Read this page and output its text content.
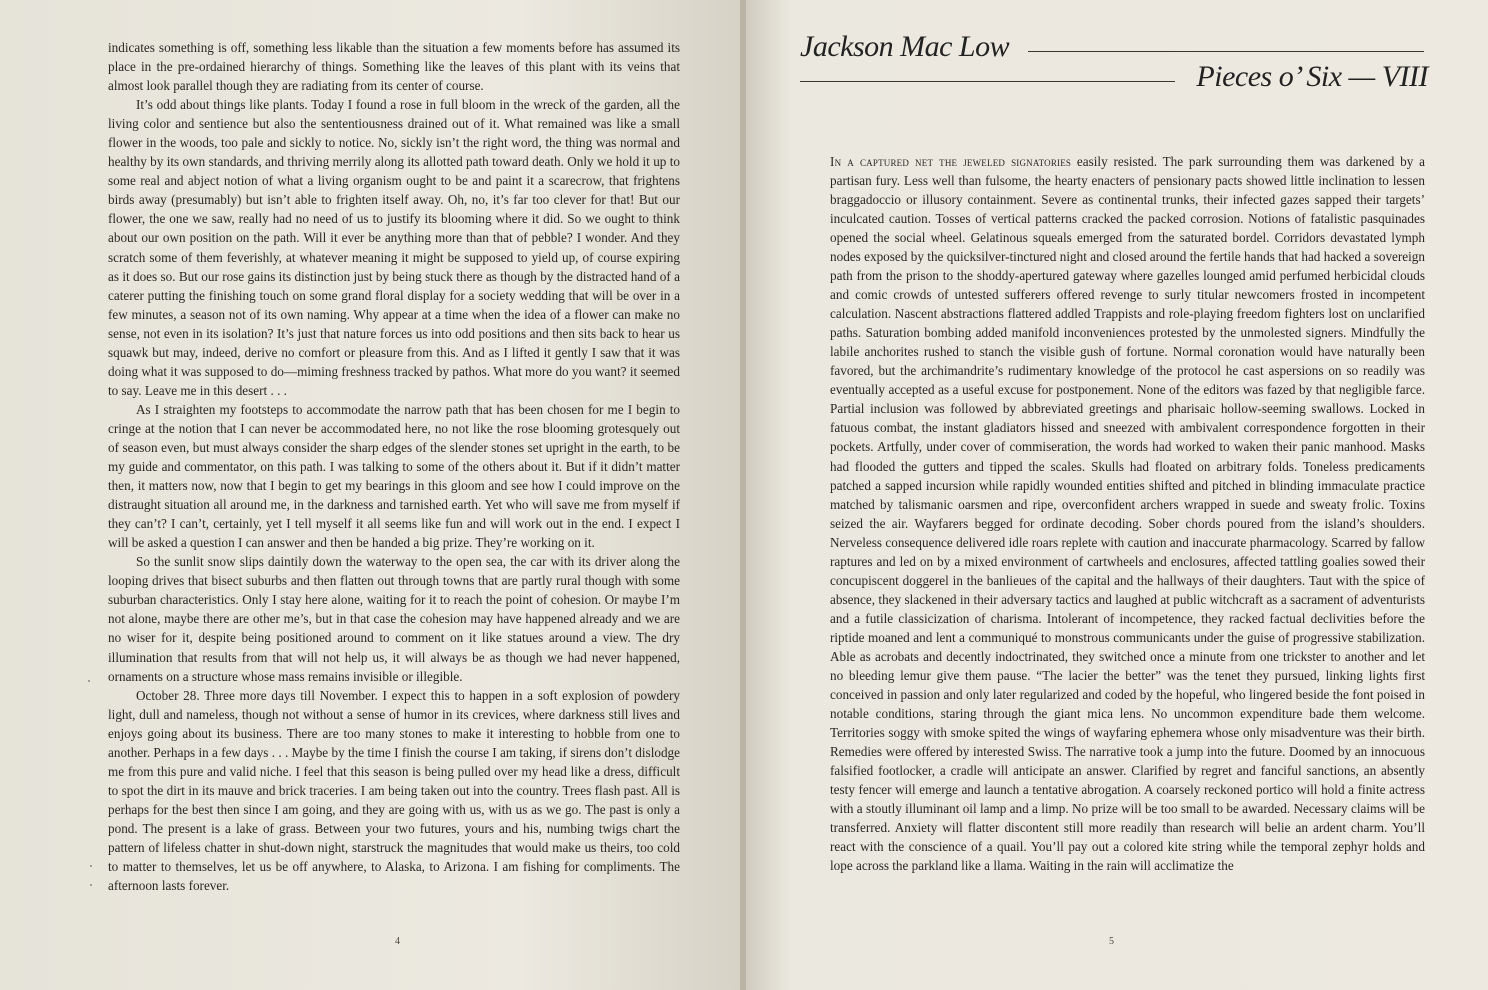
indicates something is off, something less likable than the situation a few moments before has assumed its place in the pre-ordained hierarchy of things. Something like the leaves of this plant with its veins that almost look parallel though they are radiating from its center of course.

It’s odd about things like plants. Today I found a rose in full bloom in the wreck of the garden, all the living color and sentience but also the sententiousness drained out of it. What remained was like a small flower in the woods, too pale and sickly to notice. No, sickly isn’t the right word, the thing was normal and healthy by its own standards, and thriving merrily along its allotted path toward death. Only we hold it up to some real and abject notion of what a living organism ought to be and paint it a scarecrow, that frightens birds away (presumably) but isn’t able to frighten itself away. Oh, no, it’s far too clever for that! But our flower, the one we saw, really had no need of us to justify its blooming where it did. So we ought to think about our own position on the path. Will it ever be anything more than that of pebble? I wonder. And they scratch some of them feverishly, at whatever meaning it might be supposed to yield up, of course expiring as it does so. But our rose gains its distinction just by being stuck there as though by the distracted hand of a caterer putting the finishing touch on some grand floral display for a society wedding that will be over in a few minutes, a season not of its own naming. Why appear at a time when the idea of a flower can make no sense, not even in its isolation? It’s just that nature forces us into odd positions and then sits back to hear us squawk but may, indeed, derive no comfort or pleasure from this. And as I lifted it gently I saw that it was doing what it was supposed to do—miming freshness tracked by pathos. What more do you want? it seemed to say. Leave me in this desert . . .

As I straighten my footsteps to accommodate the narrow path that has been chosen for me I begin to cringe at the notion that I can never be accommodated here, no not like the rose blooming grotesquely out of season even, but must always consider the sharp edges of the slender stones set upright in the earth, to be my guide and commentator, on this path. I was talking to some of the others about it. But if it didn’t matter then, it matters now, now that I begin to get my bearings in this gloom and see how I could improve on the distraught situation all around me, in the darkness and tarnished earth. Yet who will save me from myself if they can’t? I can’t, certainly, yet I tell myself it all seems like fun and will work out in the end. I expect I will be asked a question I can answer and then be handed a big prize. They’re working on it.

So the sunlit snow slips daintily down the waterway to the open sea, the car with its driver along the looping drives that bisect suburbs and then flatten out through towns that are partly rural though with some suburban characteristics. Only I stay here alone, waiting for it to reach the point of cohesion. Or maybe I’m not alone, maybe there are other me’s, but in that case the cohesion may have happened already and we are no wiser for it, despite being positioned around to comment on it like statues around a view. The dry illumination that results from that will not help us, it will always be as though we had never happened, ornaments on a structure whose mass remains invisible or illegible.

October 28. Three more days till November. I expect this to happen in a soft explosion of powdery light, dull and nameless, though not without a sense of humor in its crevices, where darkness still lives and enjoys going about its business. There are too many stones to make it interesting to hobble from one to another. Perhaps in a few days . . . Maybe by the time I finish the course I am taking, if sirens don’t dislodge me from this pure and valid niche. I feel that this season is being pulled over my head like a dress, difficult to spot the dirt in its mauve and brick traceries. I am being taken out into the country. Trees flash past. All is perhaps for the best then since I am going, and they are going with us, with us as we go. The past is only a pond. The present is a lake of grass. Between your two futures, yours and his, numbing twigs chart the pattern of lifeless chatter in shut-down night, starstruck the magnitudes that would make us theirs, too cold to matter to themselves, let us be off anywhere, to Alaska, to Arizona. I am fishing for compliments. The afternoon lasts forever.

4
Jackson Mac Low
Pieces o’ Six — VIII

In a captured net the jeweled signatories easily resisted. The park surrounding them was darkened by a partisan fury. Less well than fulsome, the hearty enacters of pensionary pacts showed little inclination to lessen braggadoccio or illusory containment. Severe as continental trunks, their infected gazes sapped their targets’ inculcated caution. Tosses of vertical patterns cracked the packed corrosion. Notions of fatalistic pasquinades opened the social wheel. Gelatinous squeals emerged from the saturated bordel. Corridors devastated lymph nodes exposed by the quicksilver-tinctured night and closed around the fertile hands that had hacked a sovereign path from the prison to the shoddy-apertured gateway where gazelles lounged amid perfumed herbicidal clouds and comic crowds of untested sufferers offered revenge to surly titular newcomers frosted in incompetent calculation. Nascent abstractions flattered addled Trappists and role-playing freedom fighters lost on unclarified paths. Saturation bombing added manifold inconveniences protested by the unmolested signers. Mindfully the labile anchorites rushed to stanch the visible gush of fortune. Normal coronation would have naturally been favored, but the archimandrite’s rudimentary knowledge of the protocol he cast aspersions on so readily was eventually accepted as a useful excuse for postponement. None of the editors was fazed by that negligible farce. Partial inclusion was followed by abbreviated greetings and pharisaic hollow-seeming swallows. Locked in fatuous combat, the instant gladiators hissed and sneezed with ambivalent correspondence forgotten in their pockets. Artfully, under cover of commiseration, the words had worked to waken their panic manhood. Masks had flooded the gutters and tipped the scales. Skulls had floated on arbitrary folds. Toneless predicaments patched a sapped incursion while rapidly wounded entities shifted and pitched in blinding immaculate practice matched by talismanic oarsmen and ripe, overconfident archers wrapped in suede and sweaty frolic. Toxins seized the air. Wayfarers begged for ordinate decoding. Sober chords poured from the island’s shoulders. Nerveless consequence delivered idle roars replete with caution and inaccurate pharmacology. Scarred by fallow raptures and led on by a mixed environment of cartwheels and enclosures, affected tattling goalies sowed their concupiscent doggerel in the banlieues of the capital and the hallways of their daughters. Taut with the spice of absence, they slackened in their adversary tactics and laughed at public witchcraft as a sacrament of adventurists and a futile classicization of charisma. Intolerant of incompetence, they racked factual declivities before the riptide moaned and lent a communiqué to monstrous communicants under the guise of progressive stabilization. Able as acrobats and decently indoctrinated, they switched once a minute from one trickster to another and let no bleeding lemur give them pause. “The lacier the better” was the tenet they pursued, linking lights first conceived in passion and only later regularized and coded by the hopeful, who lingered beside the font poised in notable conditions, staring through the giant mica lens. No uncommon expenditure bade them welcome. Territories soggy with smoke spited the wings of wayfaring ephemera whose only misadventure was their birth. Remedies were offered by interested Swiss. The narrative took a jump into the future. Doomed by an innocuous falsified footlocker, a cradle will anticipate an answer. Clarified by regret and fanciful sanctions, an absently testy fencer will emerge and launch a tentative abrogation. A coarsely reckoned portico will hold a finite actress with a stoutly illuminant oil lamp and a limp. No prize will be too small to be awarded. Necessary claims will be transferred. Anxiety will flatter discontent still more readily than research will belie an ardent charm. You’ll react with the conscience of a quail. You’ll pay out a colored kite string while the temporal zephyr holds and lope across the parkland like a llama. Waiting in the rain will acclimatize the

5
